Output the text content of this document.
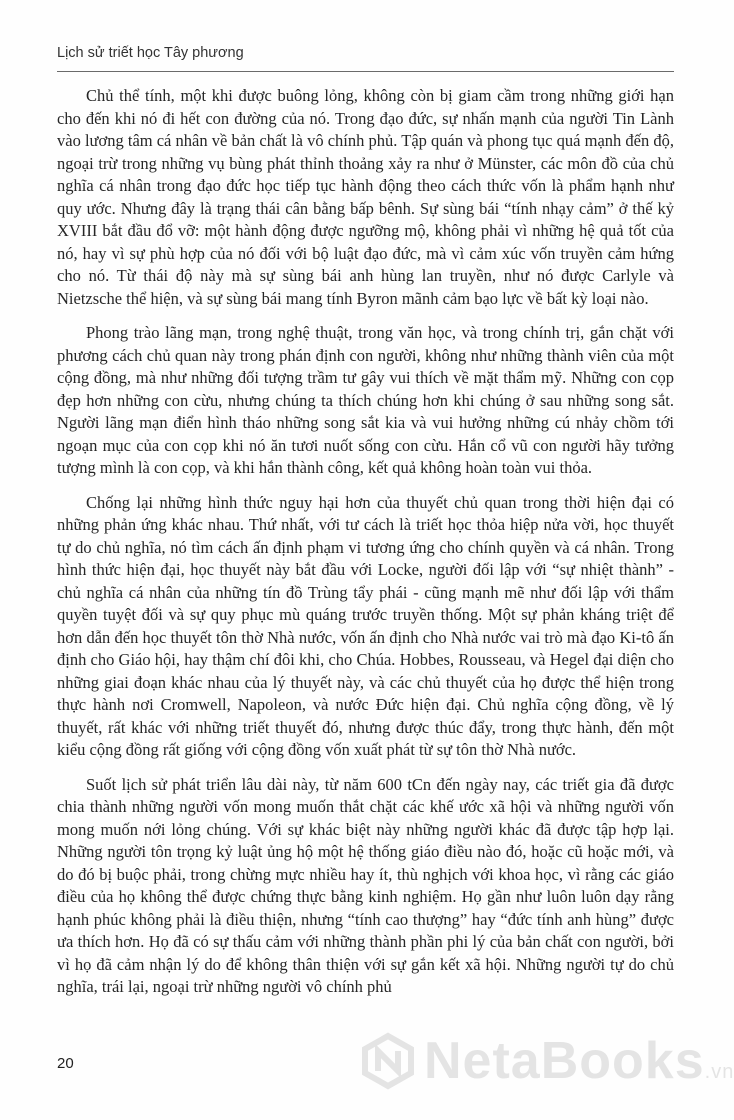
Lịch sử triết học Tây phương

Chủ thể tính, một khi được buông lỏng, không còn bị giam cầm trong những giới hạn cho đến khi nó đi hết con đường của nó. Trong đạo đức, sự nhấn mạnh của người Tin Lành vào lương tâm cá nhân về bản chất là vô chính phủ. Tập quán và phong tục quá mạnh đến độ, ngoại trừ trong những vụ bùng phát thỉnh thoảng xảy ra như ở Münster, các môn đồ của chủ nghĩa cá nhân trong đạo đức học tiếp tục hành động theo cách thức vốn là phẩm hạnh như quy ước. Nhưng đây là trạng thái cân bằng bấp bênh. Sự sùng bái “tính nhạy cảm” ở thế kỷ XVIII bắt đầu đổ vỡ: một hành động được ngưỡng mộ, không phải vì những hệ quả tốt của nó, hay vì sự phù hợp của nó đối với bộ luật đạo đức, mà vì cảm xúc vốn truyền cảm hứng cho nó. Từ thái độ này mà sự sùng bái anh hùng lan truyền, như nó được Carlyle và Nietzsche thể hiện, và sự sùng bái mang tính Byron mãnh cảm bạo lực về bất kỳ loại nào.

Phong trào lãng mạn, trong nghệ thuật, trong văn học, và trong chính trị, gắn chặt với phương cách chủ quan này trong phán định con người, không như những thành viên của một cộng đồng, mà như những đối tượng trầm tư gây vui thích về mặt thẩm mỹ. Những con cọp đẹp hơn những con cừu, nhưng chúng ta thích chúng hơn khi chúng ở sau những song sắt. Người lãng mạn điển hình tháo những song sắt kia và vui hưởng những cú nhảy chồm tới ngoạn mục của con cọp khi nó ăn tươi nuốt sống con cừu. Hắn cổ vũ con người hãy tưởng tượng mình là con cọp, và khi hắn thành công, kết quả không hoàn toàn vui thỏa.

Chống lại những hình thức nguy hại hơn của thuyết chủ quan trong thời hiện đại có những phản ứng khác nhau. Thứ nhất, với tư cách là triết học thỏa hiệp nửa vời, học thuyết tự do chủ nghĩa, nó tìm cách ấn định phạm vi tương ứng cho chính quyền và cá nhân. Trong hình thức hiện đại, học thuyết này bắt đầu với Locke, người đối lập với “sự nhiệt thành” - chủ nghĩa cá nhân của những tín đồ Trùng tẩy phái - cũng mạnh mẽ như đối lập với thẩm quyền tuyệt đối và sự quy phục mù quáng trước truyền thống. Một sự phản kháng triệt để hơn dẫn đến học thuyết tôn thờ Nhà nước, vốn ấn định cho Nhà nước vai trò mà đạo Ki-tô ấn định cho Giáo hội, hay thậm chí đôi khi, cho Chúa. Hobbes, Rousseau, và Hegel đại diện cho những giai đoạn khác nhau của lý thuyết này, và các chủ thuyết của họ được thể hiện trong thực hành nơi Cromwell, Napoleon, và nước Đức hiện đại. Chủ nghĩa cộng đồng, về lý thuyết, rất khác với những triết thuyết đó, nhưng được thúc đẩy, trong thực hành, đến một kiểu cộng đồng rất giống với cộng đồng vốn xuất phát từ sự tôn thờ Nhà nước.

Suốt lịch sử phát triển lâu dài này, từ năm 600 tCn đến ngày nay, các triết gia đã được chia thành những người vốn mong muốn thắt chặt các khế ước xã hội và những người vốn mong muốn nới lỏng chúng. Với sự khác biệt này những người khác đã được tập hợp lại. Những người tôn trọng kỷ luật ủng hộ một hệ thống giáo điều nào đó, hoặc cũ hoặc mới, và do đó bị buộc phải, trong chừng mực nhiều hay ít, thù nghịch với khoa học, vì rằng các giáo điều của họ không thể được chứng thực bằng kinh nghiệm. Họ gần như luôn luôn dạy rằng hạnh phúc không phải là điều thiện, nhưng “tính cao thượng” hay “đức tính anh hùng” được ưa thích hơn. Họ đã có sự thấu cảm với những thành phần phi lý của bản chất con người, bởi vì họ đã cảm nhận lý do để không thân thiện với sự gắn kết xã hội. Những người tự do chủ nghĩa, trái lại, ngoại trừ những người vô chính phủ

20	NetaBooks.vn
